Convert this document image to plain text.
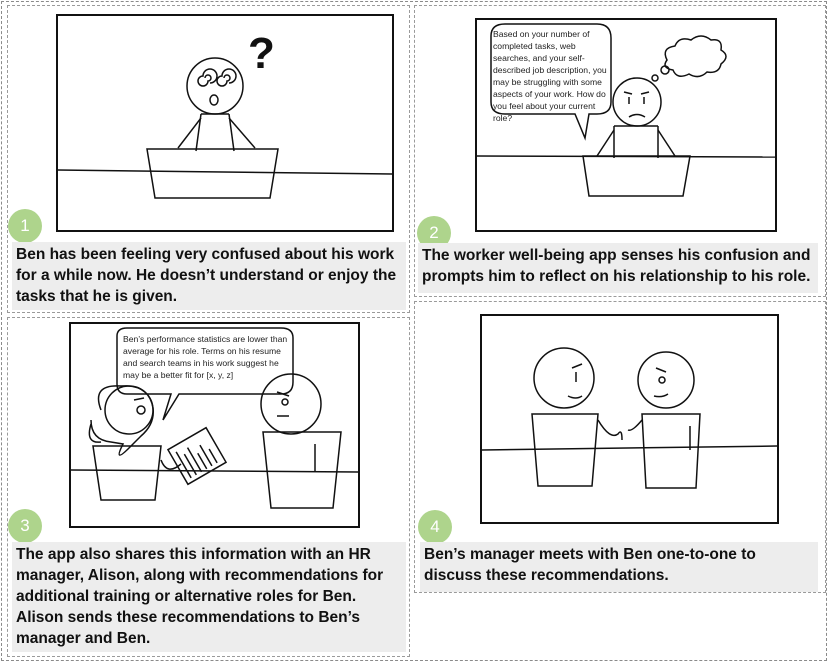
?
1
Ben has been feeling very confused about his work for a while now. He doesn’t understand or enjoy the tasks that he is given.
Based on your number of completed tasks, web searches, and your self-described job description, you may be struggling with some aspects of your work. How do you feel about your current role?
2
The worker well-being app senses his confusion and prompts him to reflect on his relationship to his role.
Ben’s performance statistics are lower than average for his role. Terms on his resume and search teams in his work suggest he may be a better fit for [x, y, z]
3
The app also shares this information with an HR manager, Alison, along with recommendations for additional training or alternative roles for Ben. Alison sends these recommendations to Ben’s manager and Ben.
4
Ben’s manager meets with Ben one-to-one to discuss these recommendations.
